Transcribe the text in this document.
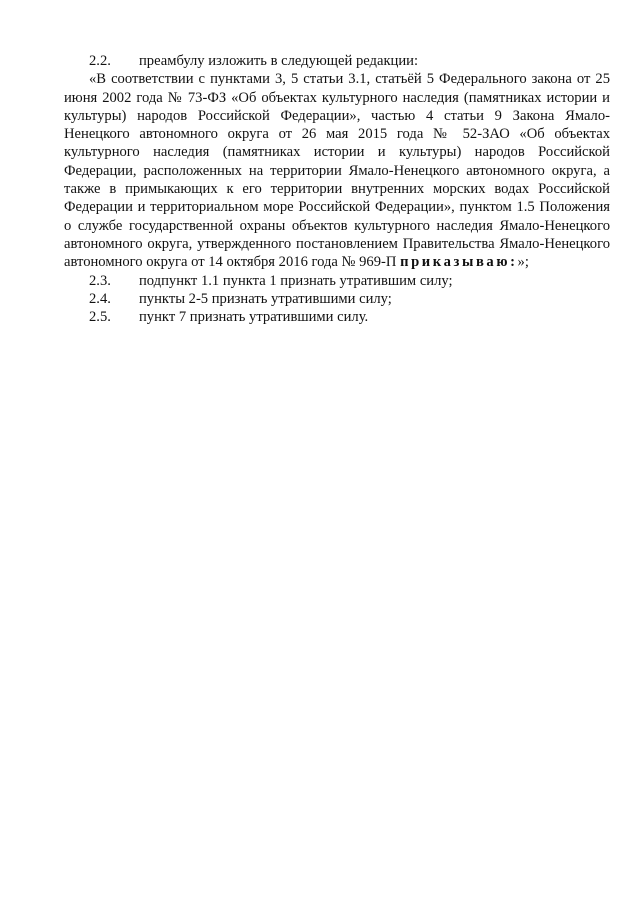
2.2. преамбулу изложить в следующей редакции:
«В соответствии с пунктами 3, 5 статьи 3.1, статьёй 5 Федерального закона от 25 июня 2002 года № 73-ФЗ «Об объектах культурного наследия (памятниках истории и культуры) народов Российской Федерации», частью 4 статьи 9 Закона Ямало-Ненецкого автономного округа от 26 мая 2015 года № 52-ЗАО «Об объектах культурного наследия (памятниках истории и культуры) народов Российской Федерации, расположенных на территории Ямало-Ненецкого автономного округа, а также в примыкающих к его территории внутренних морских водах Российской Федерации и территориальном море Российской Федерации», пунктом 1.5 Положения о службе государственной охраны объектов культурного наследия Ямало-Ненецкого автономного округа, утвержденного постановлением Правительства Ямало-Ненецкого автономного округа от 14 октября 2016 года № 969-П приказываю:»;
2.3. подпункт 1.1 пункта 1 признать утратившим силу;
2.4. пункты 2-5 признать утратившими силу;
2.5. пункт 7 признать утратившими силу.
